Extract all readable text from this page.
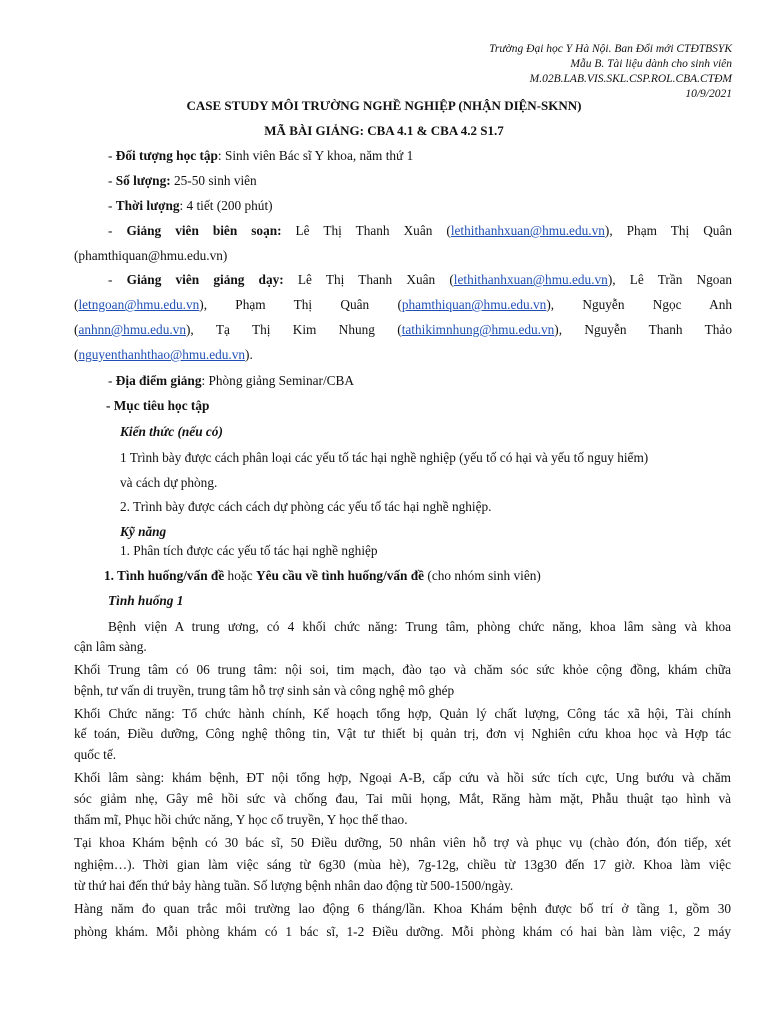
Trường Đại học Y Hà Nội. Ban Đổi mới CTĐTBSYK
Mẫu B. Tài liệu dành cho sinh viên
M.02B.LAB.VIS.SKL.CSP.ROL.CBA.CTĐM
10/9/2021
CASE STUDY MÔI TRƯỜNG NGHỀ NGHIỆP (NHẬN DIỆN-SKNN)
MÃ BÀI GIẢNG: CBA 4.1 & CBA 4.2 S1.7
- Đối tượng học tập: Sinh viên Bác sĩ Y khoa, năm thứ 1
- Số lượng: 25-50 sinh viên
- Thời lượng: 4 tiết (200 phút)
- Giảng viên biên soạn: Lê Thị Thanh Xuân (lethithanhxuan@hmu.edu.vn), Phạm Thị Quân
(phamthiquan@hmu.edu.vn)
- Giảng viên giảng dạy: Lê Thị Thanh Xuân (lethithanhxuan@hmu.edu.vn), Lê Trần Ngoan
(letngoan@hmu.edu.vn), Phạm Thị Quân (phamthiquan@hmu.edu.vn), Nguyễn Ngọc Anh
(anhnn@hmu.edu.vn), Tạ Thị Kim Nhung (tathikimnhung@hmu.edu.vn), Nguyễn Thanh Thảo
(nguyenthanhthao@hmu.edu.vn).
- Địa điểm giảng: Phòng giảng Seminar/CBA
- Mục tiêu học tập
Kiến thức (nếu có)
1 Trình bày được cách phân loại các yếu tố tác hại nghề nghiệp (yếu tố có hại và yếu tố nguy hiểm)
và cách dự phòng.
2. Trình bày được cách cách dự phòng các yếu tố tác hại nghề nghiệp.
Kỹ năng
1. Phân tích được các yếu tố tác hại nghề nghiệp
1. Tình huống/vấn đề hoặc Yêu cầu về tình huống/vấn đề (cho nhóm sinh viên)
Tình huống 1
Bệnh viện A trung ương, có 4 khối chức năng: Trung tâm, phòng chức năng, khoa lâm sàng và khoa
cận lâm sàng.
Khối Trung tâm có 06 trung tâm: nội soi, tim mạch, đào tạo và chăm sóc sức khỏe cộng đồng, khám chữa
bệnh, tư vấn di truyền, trung tâm hỗ trợ sinh sản và công nghệ mô ghép
Khối Chức năng: Tổ chức hành chính, Kế hoạch tổng hợp, Quản lý chất lượng, Công tác xã hội, Tài chính
kế toán, Điều dưỡng, Công nghệ thông tin, Vật tư thiết bị quản trị, đơn vị Nghiên cứu khoa học và Hợp tác
quốc tế.
Khối lâm sàng: khám bệnh, ĐT nội tổng hợp, Ngoại A-B, cấp cứu và hồi sức tích cực, Ung bướu và chăm
sóc giảm nhẹ, Gây mê hồi sức và chống đau, Tai mũi họng, Mắt, Răng hàm mặt, Phẫu thuật tạo hình và
thẩm mĩ, Phục hồi chức năng, Y học cổ truyền, Y học thể thao.
Tại khoa Khám bệnh có 30 bác sĩ, 50 Điều dưỡng, 50 nhân viên hỗ trợ và phục vụ (chào đón, đón tiếp, xét
nghiệm…). Thời gian làm việc sáng từ 6g30 (mùa hè), 7g-12g, chiều từ 13g30 đến 17 giờ. Khoa làm việc
từ thứ hai đến thứ bảy hàng tuần. Số lượng bệnh nhân dao động từ 500-1500/ngày.
Hàng năm đo quan trắc môi trường lao động 6 tháng/lần. Khoa Khám bệnh được bố trí ở tầng 1, gồm 30
phòng khám. Mỗi phòng khám có 1 bác sĩ, 1-2 Điều dưỡng. Mỗi phòng khám có hai bàn làm việc, 2 máy
